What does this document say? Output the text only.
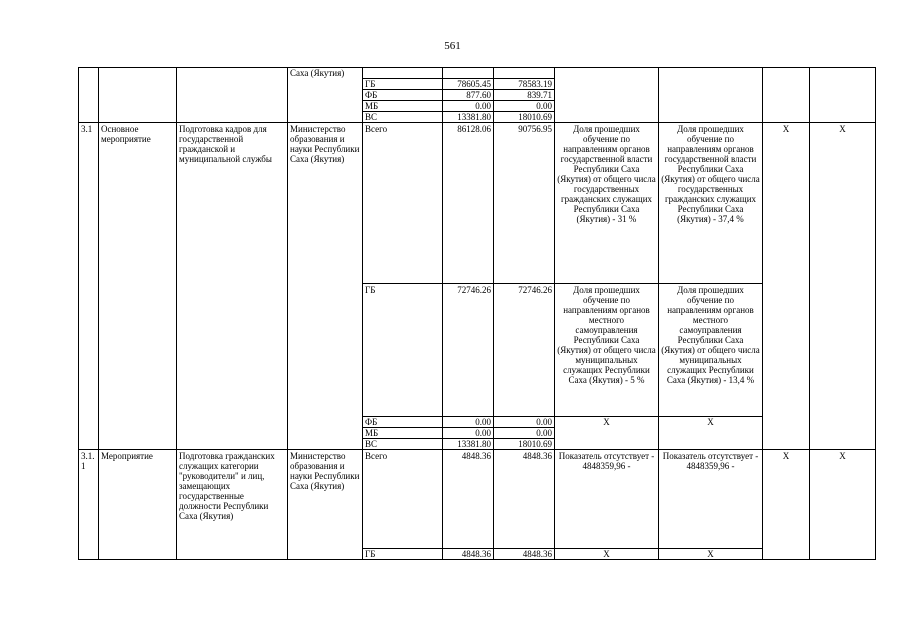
561
			Саха (Якутия)							
				ГБ	78605.45	78583.19				
				ФБ	877.60	839.71				
				МБ	0.00	0.00				
				ВС	13381.80	18010.69				
3.1	Основное мероприятие	Подготовка кадров для государственной гражданской и муниципальной службы	Министерство образования и науки Республики Саха (Якутия)	Всего	86128.06	90756.95	Доля прошедших обучение по направлениям органов государственной власти Республики Саха (Якутия) от общего числа государственных гражданских служащих Республики Саха (Якутия) - 31 %	Доля прошедших обучение по направлениям органов государственной власти Республики Саха (Якутия) от общего числа государственных гражданских служащих Республики Саха (Якутия) - 37,4 %	X	X
				ГБ	72746.26	72746.26	Доля прошедших обучение по направлениям органов местного самоуправления Республики Саха (Якутия) от общего числа муниципальных служащих Республики Саха (Якутия) - 5 %	Доля прошедших обучение по направлениям органов местного самоуправления Республики Саха (Якутия) от общего числа муниципальных служащих Республики Саха (Якутия) - 13,4 %		
				ФБ	0.00	0.00	X	X		
				МБ	0.00	0.00				
				ВС	13381.80	18010.69				
3.1. 1	Мероприятие	Подготовка гражданских служащих категории "руководители" и лиц, замещающих государственные должности Республики Саха (Якутия)	Министерство образования и науки Республики Саха (Якутия)	Всего	4848.36	4848.36	Показатель отсутствует - 4848359,96 -	Показатель отсутствует - 4848359,96 -	X	X
				ГБ	4848.36	4848.36	X	X		
